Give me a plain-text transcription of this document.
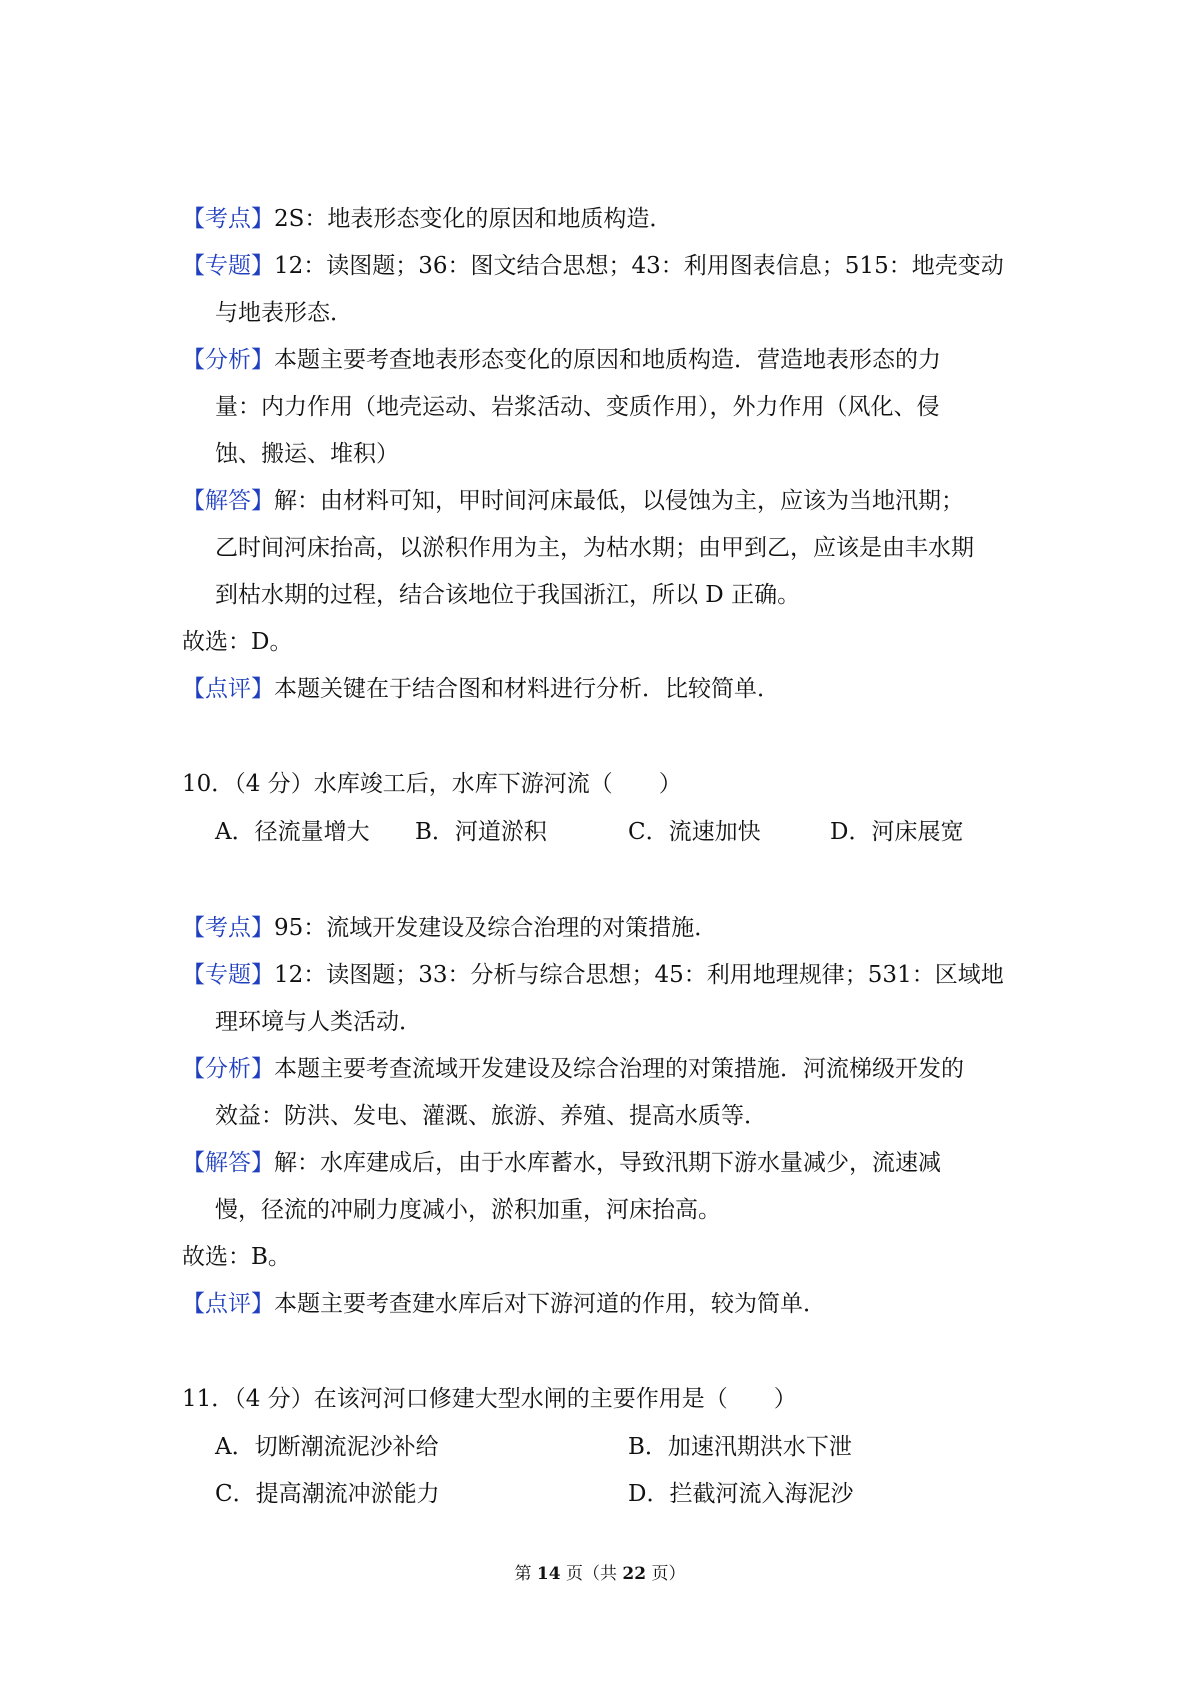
【考点】2S：地表形态变化的原因和地质构造．
【专题】12：读图题；36：图文结合思想；43：利用图表信息；515：地壳变动
与地表形态．
【分析】本题主要考查地表形态变化的原因和地质构造．营造地表形态的力
量：内力作用（地壳运动、岩浆活动、变质作用），外力作用（风化、侵
蚀、搬运、堆积）
【解答】解：由材料可知，甲时间河床最低，以侵蚀为主，应该为当地汛期；
乙时间河床抬高，以淤积作用为主，为枯水期；由甲到乙，应该是由丰水期
到枯水期的过程，结合该地位于我国浙江，所以 D 正确。
故选：D。
【点评】本题关键在于结合图和材料进行分析．比较简单．
10．（4 分）水库竣工后，水库下游河流（　　）
A．径流量增大 B．河道淤积	C．流速加快	D．河床展宽
【考点】95：流域开发建设及综合治理的对策措施．
【专题】12：读图题；33：分析与综合思想；45：利用地理规律；531：区域地
理环境与人类活动．
【分析】本题主要考查流域开发建设及综合治理的对策措施．河流梯级开发的
效益：防洪、发电、灌溉、旅游、养殖、提高水质等．
【解答】解：水库建成后，由于水库蓄水，导致汛期下游水量减少，流速减
慢，径流的冲刷力度减小，淤积加重，河床抬高。
故选：B。
【点评】本题主要考查建水库后对下游河道的作用，较为简单．
11．（4 分）在该河河口修建大型水闸的主要作用是（　　）
A．切断潮流泥沙补给	B．加速汛期洪水下泄
C．提高潮流冲淤能力	D．拦截河流入海泥沙
第 14 页（共 22 页）
